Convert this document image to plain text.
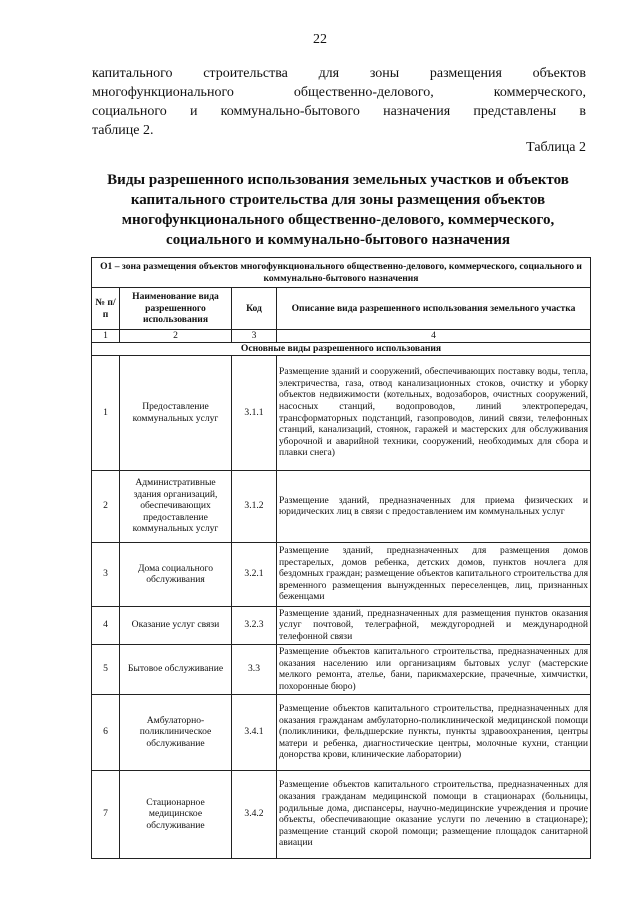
22
капитального строительства для зоны размещения объектов
многофункционального общественно-делового, коммерческого,
социального и коммунально-бытового назначения представлены в
таблице 2.
Таблица 2
Виды разрешенного использования земельных участков и объектов
капитального строительства для зоны размещения объектов
многофункционального общественно-делового, коммерческого,
социального и коммунально-бытового назначения
О1 – зона размещения объектов многофункционального общественно-делового, коммерческого, социального и коммунально-бытового назначения			
№ п/п	Наименование вида разрешенного использования	Код	Описание вида разрешенного использования земельного участка
1	2	3	4
Основные виды разрешенного использования			
1	Предоставление коммунальных услуг	3.1.1	Размещение зданий и сооружений, обеспечивающих поставку воды, тепла, электричества, газа, отвод канализационных стоков, очистку и уборку объектов недвижимости (котельных, водозаборов, очистных сооружений, насосных станций, водопроводов, линий электропередач, трансформаторных подстанций, газопроводов, линий связи, телефонных станций, канализаций, стоянок, гаражей и мастерских для обслуживания уборочной и аварийной техники, сооружений, необходимых для сбора и плавки снега)
2	Административные здания организаций, обеспечивающих предоставление коммунальных услуг	3.1.2	Размещение зданий, предназначенных для приема физических и юридических лиц в связи с предоставлением им коммунальных услуг
3	Дома социального обслуживания	3.2.1	Размещение зданий, предназначенных для размещения домов престарелых, домов ребенка, детских домов, пунктов ночлега для бездомных граждан; размещение объектов капитального строительства для временного размещения вынужденных переселенцев, лиц, признанных беженцами
4	Оказание услуг связи	3.2.3	Размещение зданий, предназначенных для размещения пунктов оказания услуг почтовой, телеграфной, междугородней и международной телефонной связи
5	Бытовое обслуживание	3.3	Размещение объектов капитального строительства, предназначенных для оказания населению или организациям бытовых услуг (мастерские мелкого ремонта, ателье, бани, парикмахерские, прачечные, химчистки, похоронные бюро)
6	Амбулаторно-поликлиническое обслуживание	3.4.1	Размещение объектов капитального строительства, предназначенных для оказания гражданам амбулаторно-поликлинической медицинской помощи (поликлиники, фельдшерские пункты, пункты здравоохранения, центры матери и ребенка, диагностические центры, молочные кухни, станции донорства крови, клинические лаборатории)
7	Стационарное медицинское обслуживание	3.4.2	Размещение объектов капитального строительства, предназначенных для оказания гражданам медицинской помощи в стационарах (больницы, родильные дома, диспансеры, научно-медицинские учреждения и прочие объекты, обеспечивающие оказание услуги по лечению в стационаре); размещение станций скорой помощи; размещение площадок санитарной авиации
